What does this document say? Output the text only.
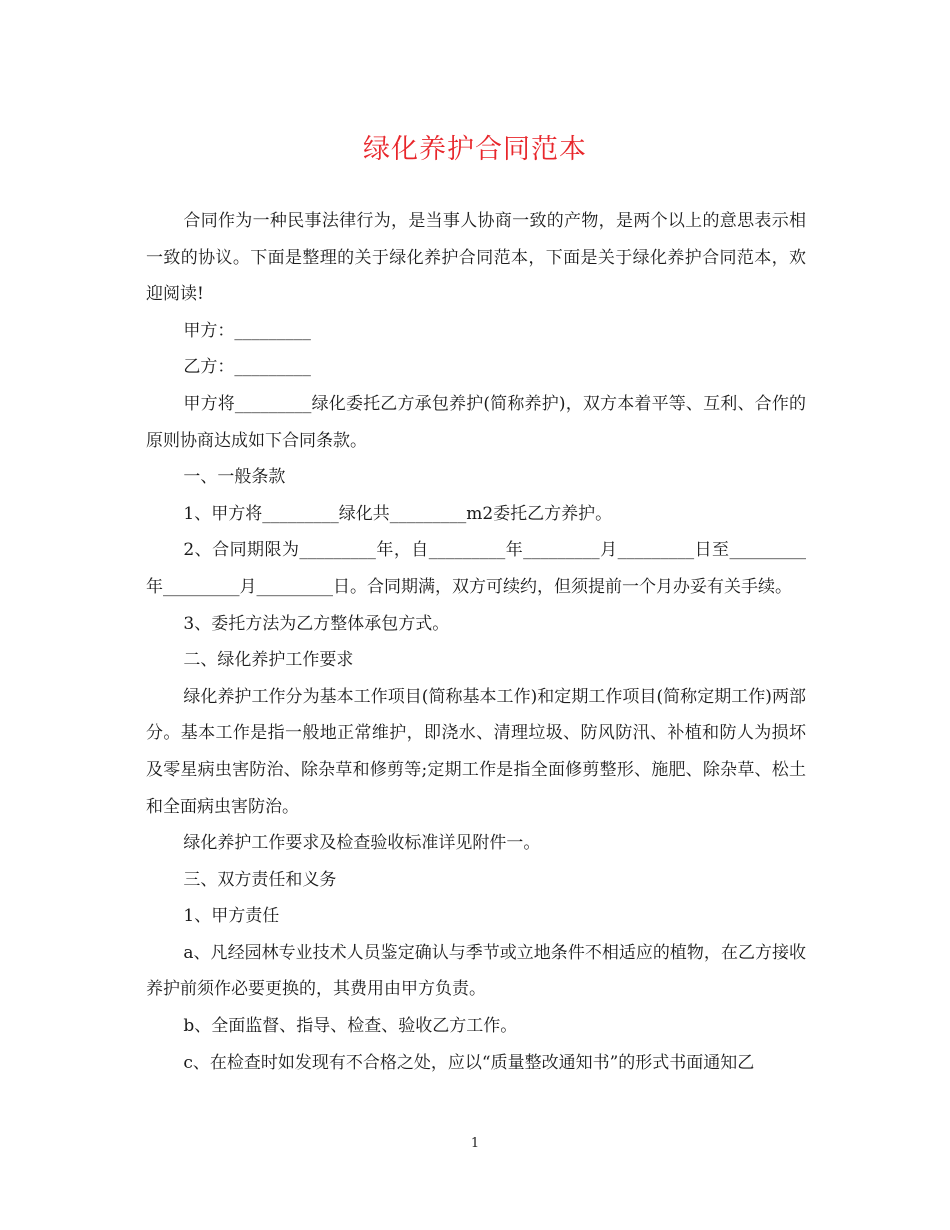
绿化养护合同范本

合同作为一种民事法律行为，是当事人协商一致的产物，是两个以上的意思表示相一致的协议。下面是整理的关于绿化养护合同范本，下面是关于绿化养护合同范本，欢迎阅读!

甲方：_________

乙方：_________

甲方将_________绿化委托乙方承包养护(简称养护)，双方本着平等、互利、合作的原则协商达成如下合同条款。

一、一般条款

1、甲方将_________绿化共_________m2委托乙方养护。

2、合同期限为_________年，自_________年_________月_________日至_________年_________月_________日。合同期满，双方可续约，但须提前一个月办妥有关手续。

3、委托方法为乙方整体承包方式。

二、绿化养护工作要求

绿化养护工作分为基本工作项目(简称基本工作)和定期工作项目(简称定期工作)两部分。基本工作是指一般地正常维护，即浇水、清理垃圾、防风防汛、补植和防人为损坏及零星病虫害防治、除杂草和修剪等;定期工作是指全面修剪整形、施肥、除杂草、松土和全面病虫害防治。

绿化养护工作要求及检查验收标准详见附件一。

三、双方责任和义务

1、甲方责任

a、凡经园林专业技术人员鉴定确认与季节或立地条件不相适应的植物，在乙方接收养护前须作必要更换的，其费用由甲方负责。

b、全面监督、指导、检查、验收乙方工作。

c、在检查时如发现有不合格之处，应以“质量整改通知书”的形式书面通知乙

1
